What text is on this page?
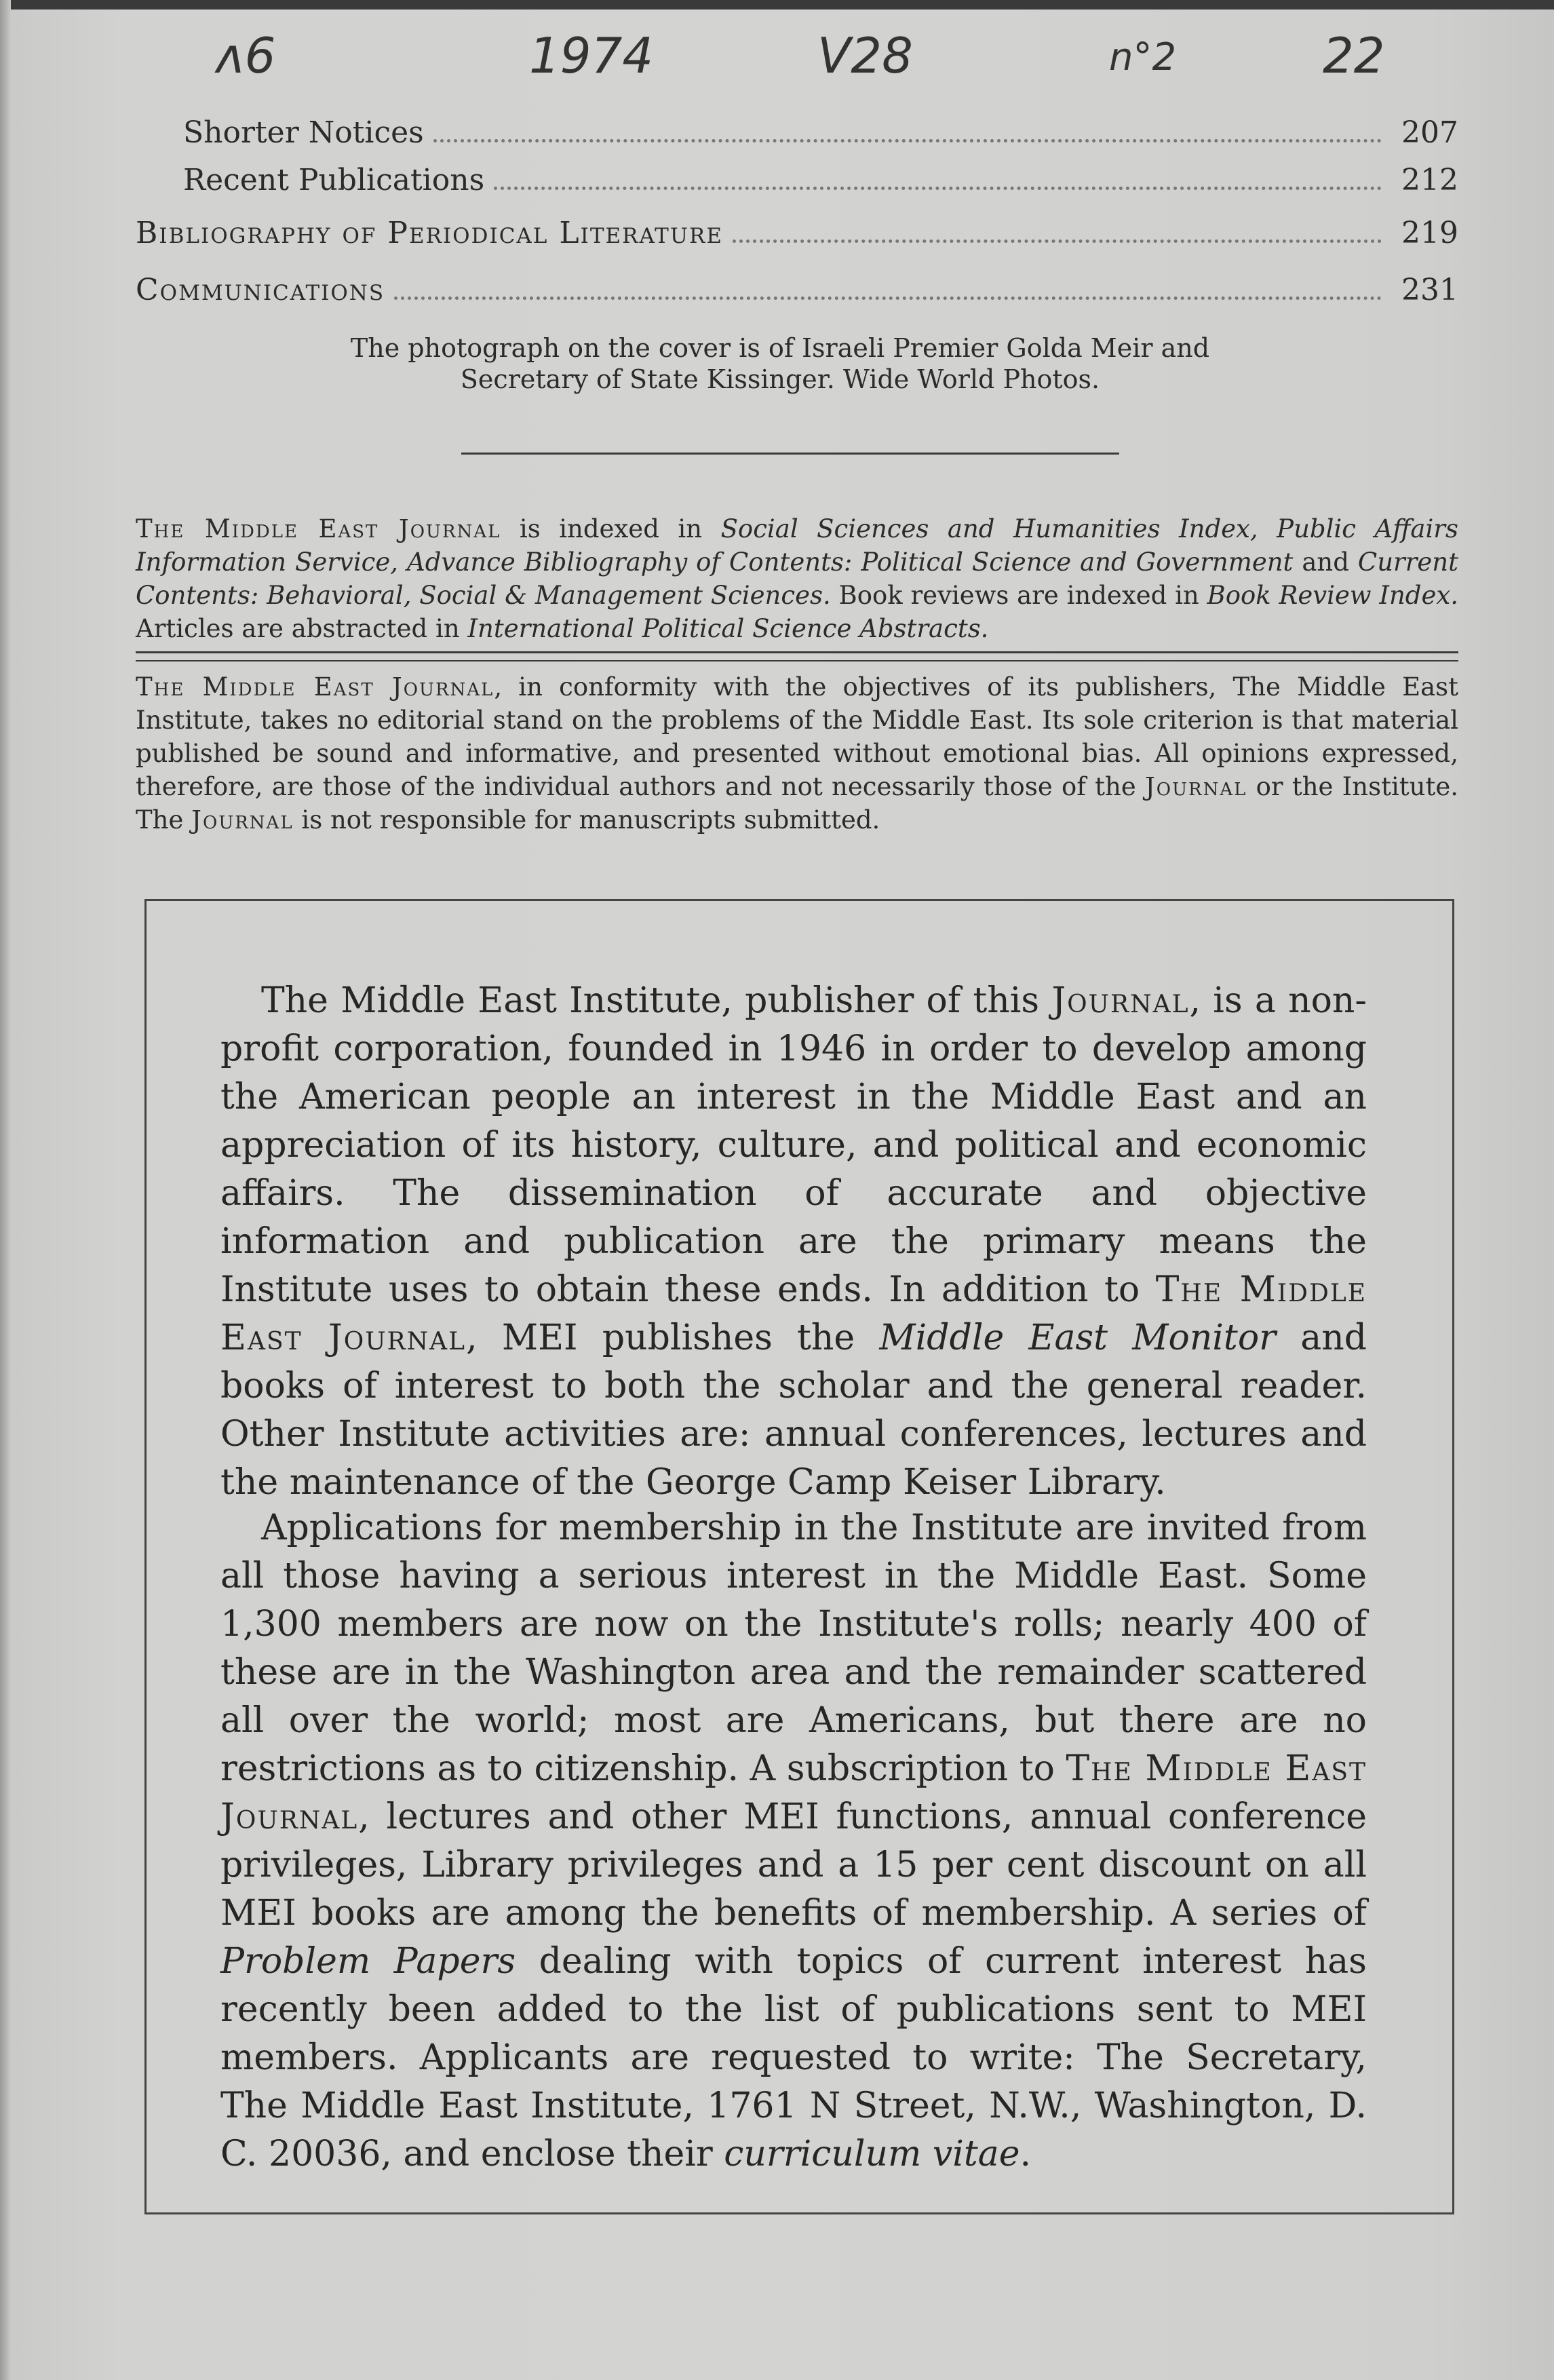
ʌ6	1974	V28	n°2	22
Shorter Notices	207
Recent Publications	212
Bibliography of Periodical Literature	219
Communications	231
The photograph on the cover is of Israeli Premier Golda Meir and
Secretary of State Kissinger. Wide World Photos.
The Middle East Journal is indexed in Social Sciences and Humanities Index, Public Affairs Information Service, Advance Bibliography of Contents: Political Science and Government and Current Contents: Behavioral, Social & Management Sciences. Book reviews are indexed in Book Review Index. Articles are abstracted in International Political Science Abstracts.
The Middle East Journal, in conformity with the objectives of its publishers, The Middle East Institute, takes no editorial stand on the problems of the Middle East. Its sole criterion is that material published be sound and informative, and presented without emotional bias. All opinions expressed, therefore, are those of the individual authors and not necessarily those of the Journal or the Institute. The Journal is not responsible for manuscripts submitted.

The Middle East Institute, publisher of this Journal, is a non-profit corporation, founded in 1946 in order to develop among the American people an interest in the Middle East and an appreciation of its history, culture, and political and economic affairs. The dissemination of accurate and objective information and publication are the primary means the Institute uses to obtain these ends. In addition to The Middle East Journal, MEI publishes the Middle East Monitor and books of interest to both the scholar and the general reader. Other Institute activities are: annual conferences, lectures and the maintenance of the George Camp Keiser Library.

Applications for membership in the Institute are invited from all those having a serious interest in the Middle East. Some 1,300 members are now on the Institute's rolls; nearly 400 of these are in the Washington area and the remainder scattered all over the world; most are Americans, but there are no restrictions as to citizenship. A subscription to The Middle East Journal, lectures and other MEI functions, annual conference privileges, Library privileges and a 15 per cent discount on all MEI books are among the benefits of membership. A series of Problem Papers dealing with topics of current interest has recently been added to the list of publications sent to MEI members. Applicants are requested to write: The Secretary, The Middle East Institute, 1761 N Street, N.W., Washington, D. C. 20036, and enclose their curriculum vitae.
